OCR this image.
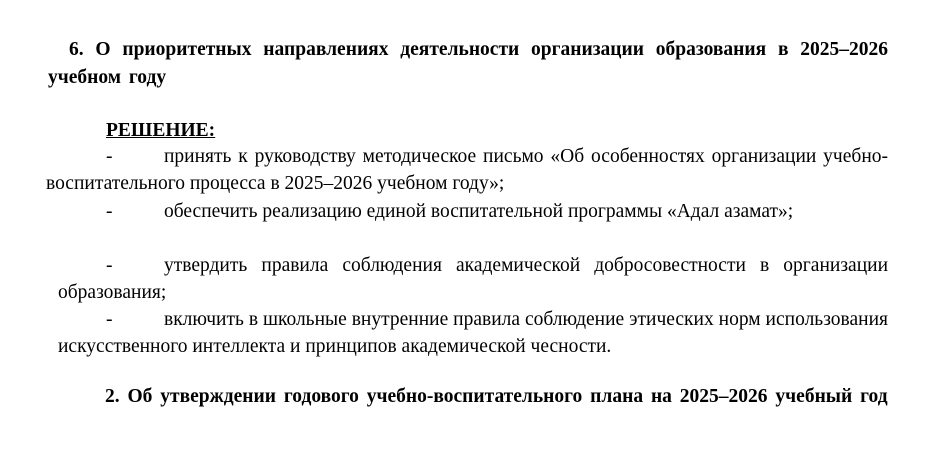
6. О приоритетных направлениях деятельности организации образования в 2025–2026 учебном году

РЕШЕНИЕ:

-	принять к руководству методическое письмо «Об особенностях организации учебно-воспитательного процесса в 2025–2026 учебном году»;
-	обеспечить реализацию единой воспитательной программы «Адал азамат»;
-	утвердить правила соблюдения академической добросовестности в организации образования;
-	включить в школьные внутренние правила соблюдение этических норм использования искусственного интеллекта и принципов академической чесности.

2. Об утверждении годового учебно-воспитательного плана на 2025–2026 учебный год
